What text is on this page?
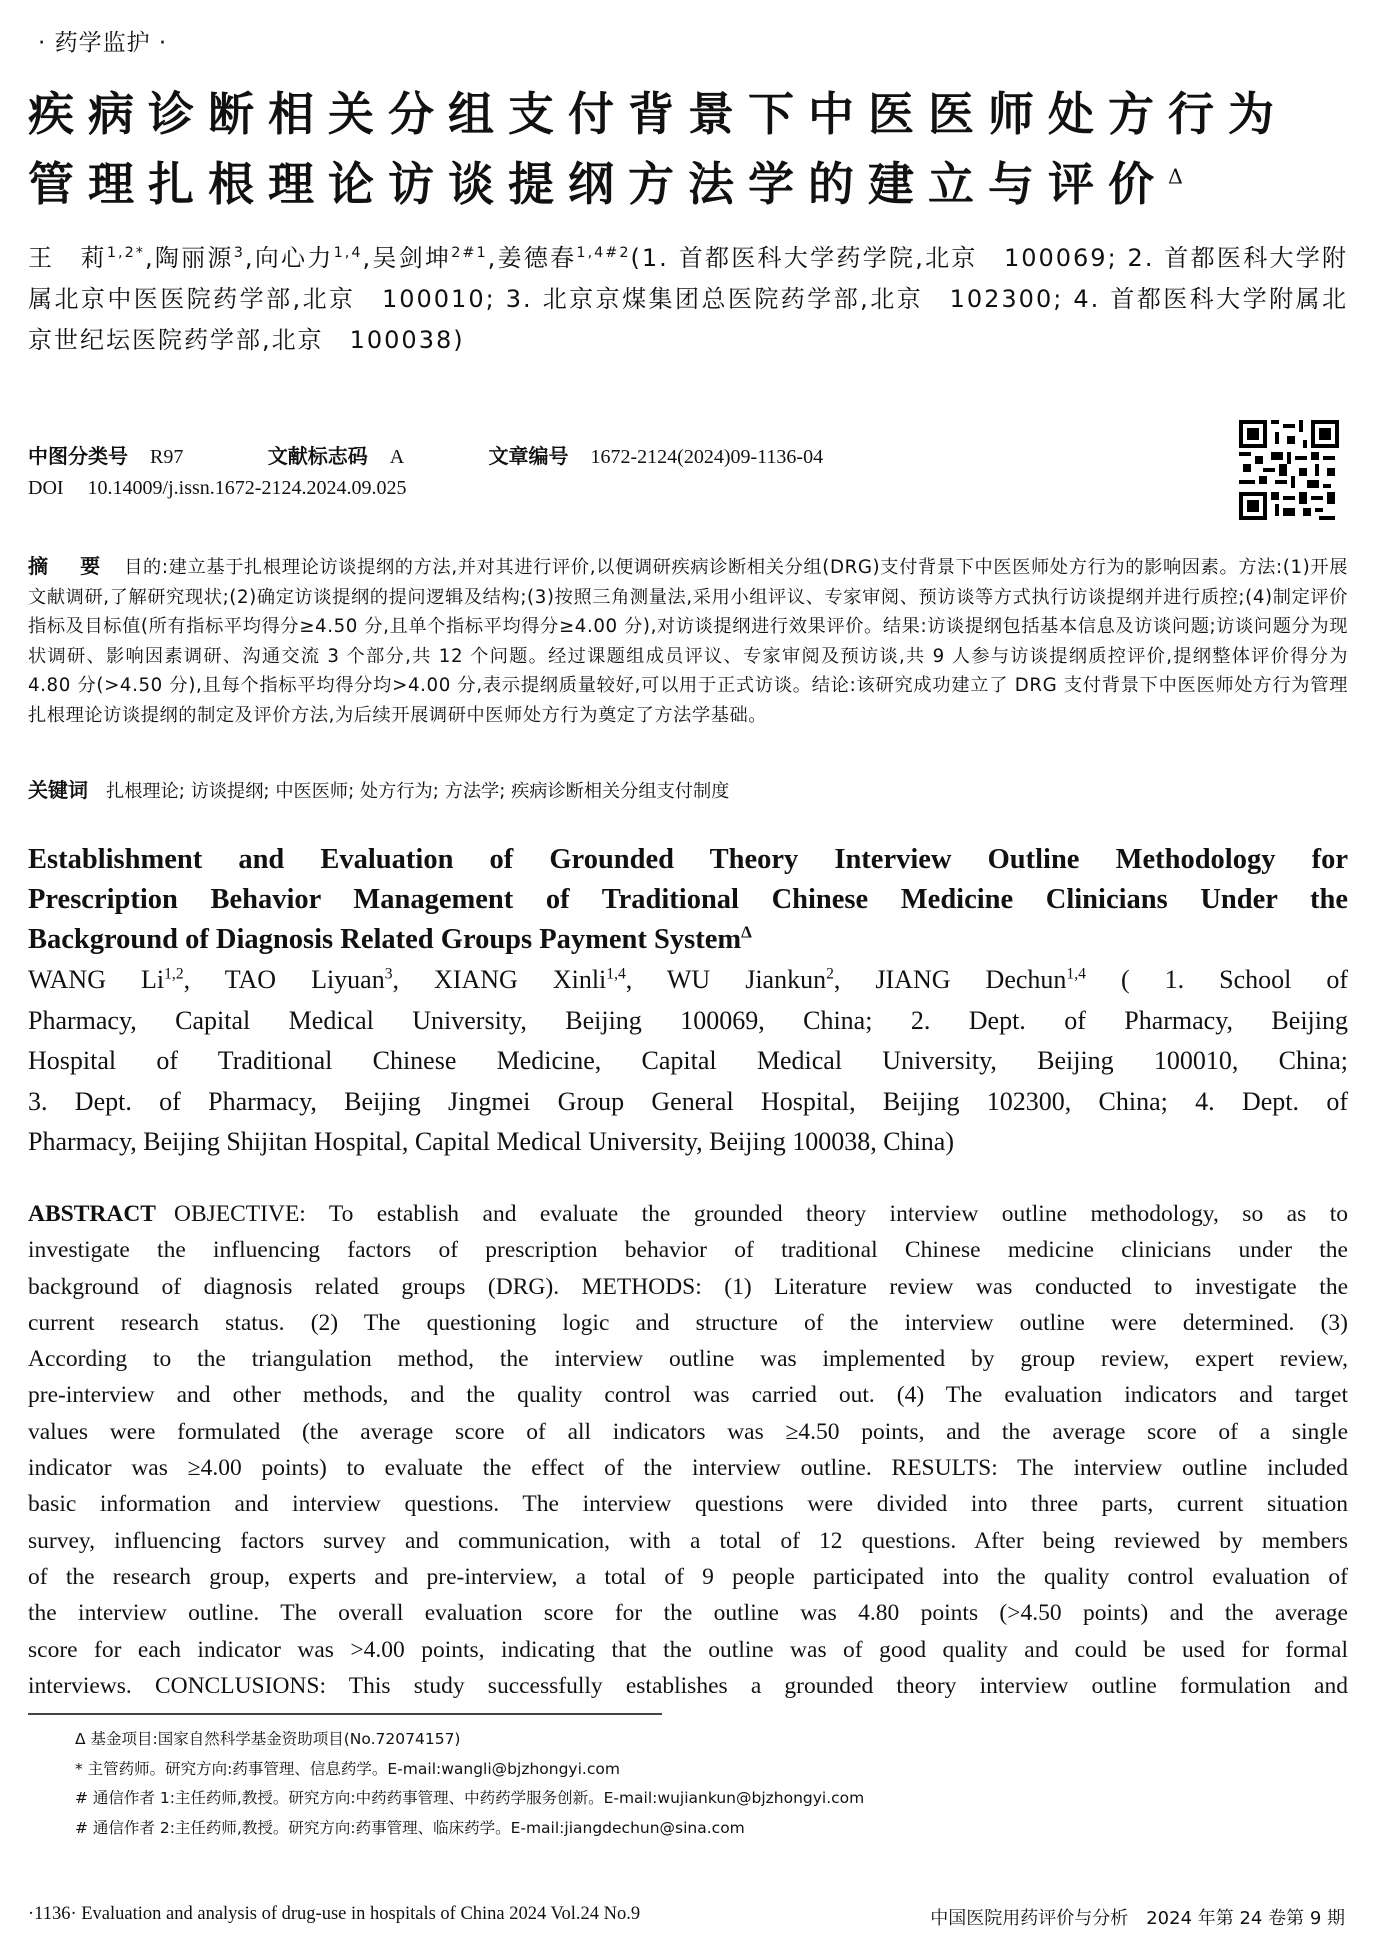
· 药学监护 ·
疾病诊断相关分组支付背景下中医医师处方行为
管理扎根理论访谈提纲方法学的建立与评价$^\Delta$
王　莉$^{1,2*}$,陶丽源$^3$,向心力$^{1,4}$,吴剑坤$^{2\#1}$,姜德春$^{1,4\#2}$(1. 首都医科大学药学院,北京　100069; 2. 首都医科大学附属北京中医医院药学部,北京　100010; 3. 北京京煤集团总医院药学部,北京　102300; 4. 首都医科大学附属北京世纪坛医院药学部,北京　100038)
中图分类号 R97	文献标志码 A	文章编号 1672-2124(2024)09-1136-04
DOI 10.14009/j.issn.1672-2124.2024.09.025
摘　要 目的:建立基于扎根理论访谈提纲的方法,并对其进行评价,以便调研疾病诊断相关分组(DRG)支付背景下中医医师处方行为的影响因素。方法:(1)开展文献调研,了解研究现状;(2)确定访谈提纲的提问逻辑及结构;(3)按照三角测量法,采用小组评议、专家审阅、预访谈等方式执行访谈提纲并进行质控;(4)制定评价指标及目标值(所有指标平均得分≥4.50 分,且单个指标平均得分≥4.00 分),对访谈提纲进行效果评价。结果:访谈提纲包括基本信息及访谈问题;访谈问题分为现状调研、影响因素调研、沟通交流 3 个部分,共 12 个问题。经过课题组成员评议、专家审阅及预访谈,共 9 人参与访谈提纲质控评价,提纲整体评价得分为 4.80 分(>4.50 分),且每个指标平均得分均>4.00 分,表示提纲质量较好,可以用于正式访谈。结论:该研究成功建立了 DRG 支付背景下中医医师处方行为管理扎根理论访谈提纲的制定及评价方法,为后续开展调研中医师处方行为奠定了方法学基础。
关键词 扎根理论; 访谈提纲; 中医医师; 处方行为; 方法学; 疾病诊断相关分组支付制度
Establishment and Evaluation of Grounded Theory Interview Outline Methodology for
Prescription Behavior Management of Traditional Chinese Medicine Clinicians Under the
Background of Diagnosis Related Groups Payment System$^\Delta$
WANG Li$^{1,2}$, TAO Liyuan$^3$, XIANG Xinli$^{1,4}$, WU Jiankun$^2$, JIANG Dechun$^{1,4}$ ( 1. School of
Pharmacy, Capital Medical University, Beijing 100069, China; 2. Dept. of Pharmacy, Beijing
Hospital of Traditional Chinese Medicine, Capital Medical University, Beijing 100010, China;
3. Dept. of Pharmacy, Beijing Jingmei Group General Hospital, Beijing 102300, China; 4. Dept. of
Pharmacy, Beijing Shijitan Hospital, Capital Medical University, Beijing 100038, China)
ABSTRACT OBJECTIVE: To establish and evaluate the grounded theory interview outline methodology, so as to
investigate the influencing factors of prescription behavior of traditional Chinese medicine clinicians under the
background of diagnosis related groups (DRG). METHODS: (1) Literature review was conducted to investigate the
current research status. (2) The questioning logic and structure of the interview outline were determined. (3)
According to the triangulation method, the interview outline was implemented by group review, expert review,
pre-interview and other methods, and the quality control was carried out. (4) The evaluation indicators and target
values were formulated (the average score of all indicators was ≥4.50 points, and the average score of a single
indicator was ≥4.00 points) to evaluate the effect of the interview outline. RESULTS: The interview outline included
basic information and interview questions. The interview questions were divided into three parts, current situation
survey, influencing factors survey and communication, with a total of 12 questions. After being reviewed by members
of the research group, experts and pre-interview, a total of 9 people participated into the quality control evaluation of
the interview outline. The overall evaluation score for the outline was 4.80 points (>4.50 points) and the average
score for each indicator was >4.00 points, indicating that the outline was of good quality and could be used for formal
interviews. CONCLUSIONS: This study successfully establishes a grounded theory interview outline formulation and
Δ 基金项目:国家自然科学基金资助项目(No.72074157)
* 主管药师。研究方向:药事管理、信息药学。E-mail:wangli@bjzhongyi.com
# 通信作者 1:主任药师,教授。研究方向:中药药事管理、中药药学服务创新。E-mail:wujiankun@bjzhongyi.com
# 通信作者 2:主任药师,教授。研究方向:药事管理、临床药学。E-mail:jiangdechun@sina.com
·1136· Evaluation and analysis of drug-use in hospitals of China 2024 Vol.24 No.9	中国医院用药评价与分析　2024 年第 24 卷第 9 期
